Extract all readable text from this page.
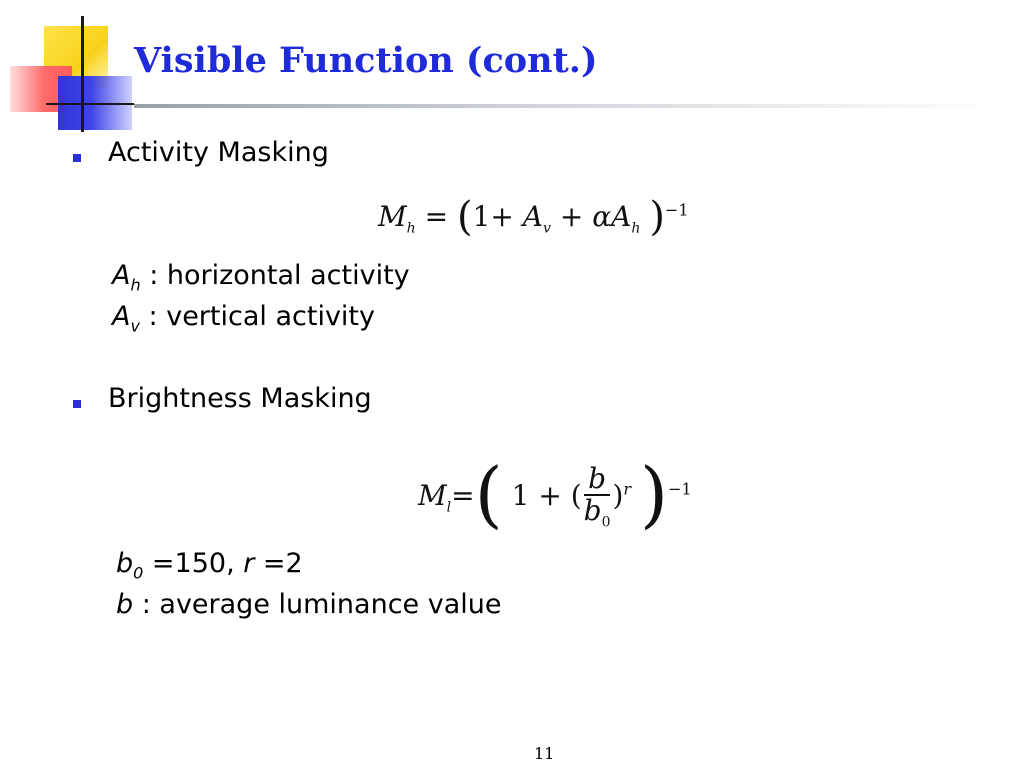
Visible Function (cont.)
Activity Masking
$M_h = (1+ A_v + \alpha A_h$ )$^{-1}$
$A_h$ : horizontal activity
$A_v$ : vertical activity
Brightness Masking
$M_l=$( 1 + ( $\frac{b}{b_0} )^r$ )$^{-1}$
$b_0 =150$, r =2
b : average luminance value
11
